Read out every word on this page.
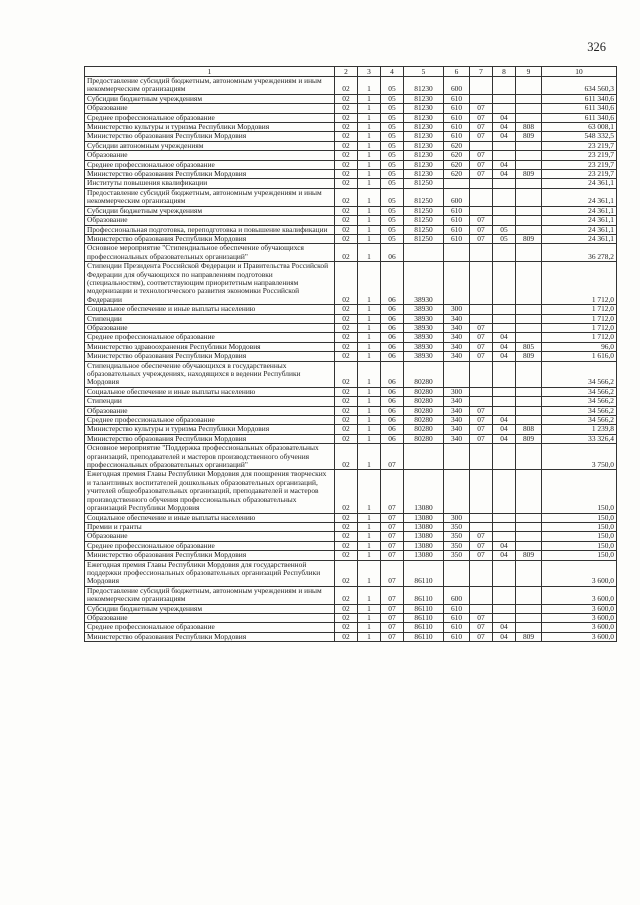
326
1	2	3	4	5	6	7	8	9	10
Предоставление субсидий бюджетным, автономным учреждениям и иным некоммерческим организациям	02	1	05	81230	600				634 560,3
Субсидии бюджетным учреждениям	02	1	05	81230	610				611 340,6
Образование	02	1	05	81230	610	07			611 340,6
Среднее профессиональное образование	02	1	05	81230	610	07	04		611 340,6
Министерство культуры и туризма Республики Мордовия	02	1	05	81230	610	07	04	808	63 008,1
Министерство образования Республики Мордовия	02	1	05	81230	610	07	04	809	548 332,5
Субсидии автономным учреждениям	02	1	05	81230	620				23 219,7
Образование	02	1	05	81230	620	07			23 219,7
Среднее профессиональное образование	02	1	05	81230	620	07	04		23 219,7
Министерство образования Республики Мордовия	02	1	05	81230	620	07	04	809	23 219,7
Институты повышения квалификации	02	1	05	81250					24 361,1
Предоставление субсидий бюджетным, автономным учреждениям и иным некоммерческим организациям	02	1	05	81250	600				24 361,1
Субсидии бюджетным учреждениям	02	1	05	81250	610				24 361,1
Образование	02	1	05	81250	610	07			24 361,1
Профессиональная подготовка, переподготовка и повышение квалификации	02	1	05	81250	610	07	05		24 361,1
Министерство образования Республики Мордовия	02	1	05	81250	610	07	05	809	24 361,1
Основное мероприятие "Стипендиальное обеспечение обучающихся профессиональных образовательных организаций"	02	1	06						36 278,2
Стипендии Президента Российской Федерации и Правительства Российской Федерации для обучающихся по направлениям подготовки (специальностям), соответствующим приоритетным направлениям модернизации и технологического развития экономики Российской Федерации	02	1	06	38930					1 712,0
Социальное обеспечение и иные выплаты населению	02	1	06	38930	300				1 712,0
Стипендии	02	1	06	38930	340				1 712,0
Образование	02	1	06	38930	340	07			1 712,0
Среднее профессиональное образование	02	1	06	38930	340	07	04		1 712,0
Министерство здравоохранения Республики Мордовия	02	1	06	38930	340	07	04	805	96,0
Министерство образования Республики Мордовия	02	1	06	38930	340	07	04	809	1 616,0
Стипендиальное обеспечение обучающихся в государственных образовательных учреждениях, находящихся в ведении Республики Мордовия	02	1	06	80280					34 566,2
Социальное обеспечение и иные выплаты населению	02	1	06	80280	300				34 566,2
Стипендии	02	1	06	80280	340				34 566,2
Образование	02	1	06	80280	340	07			34 566,2
Среднее профессиональное образование	02	1	06	80280	340	07	04		34 566,2
Министерство культуры и туризма Республики Мордовия	02	1	06	80280	340	07	04	808	1 239,8
Министерство образования Республики Мордовия	02	1	06	80280	340	07	04	809	33 326,4
Основное мероприятие "Поддержка профессиональных образовательных организаций, преподавателей и мастеров производственного обучения профессиональных образовательных организаций"	02	1	07						3 750,0
Ежегодная премия Главы Республики Мордовия для поощрения творческих и талантливых воспитателей дошкольных образовательных организаций, учителей общеобразовательных организаций, преподавателей и мастеров производственного обучения профессиональных образовательных организаций Республики Мордовия	02	1	07	13080					150,0
Социальное обеспечение и иные выплаты населению	02	1	07	13080	300				150,0
Премии и гранты	02	1	07	13080	350				150,0
Образование	02	1	07	13080	350	07			150,0
Среднее профессиональное образование	02	1	07	13080	350	07	04		150,0
Министерство образования Республики Мордовия	02	1	07	13080	350	07	04	809	150,0
Ежегодная премия Главы Республики Мордовия для государственной поддержки профессиональных образовательных организаций Республики Мордовия	02	1	07	86110					3 600,0
Предоставление субсидий бюджетным, автономным учреждениям и иным некоммерческим организациям	02	1	07	86110	600				3 600,0
Субсидии бюджетным учреждениям	02	1	07	86110	610				3 600,0
Образование	02	1	07	86110	610	07			3 600,0
Среднее профессиональное образование	02	1	07	86110	610	07	04		3 600,0
Министерство образования Республики Мордовия	02	1	07	86110	610	07	04	809	3 600,0
